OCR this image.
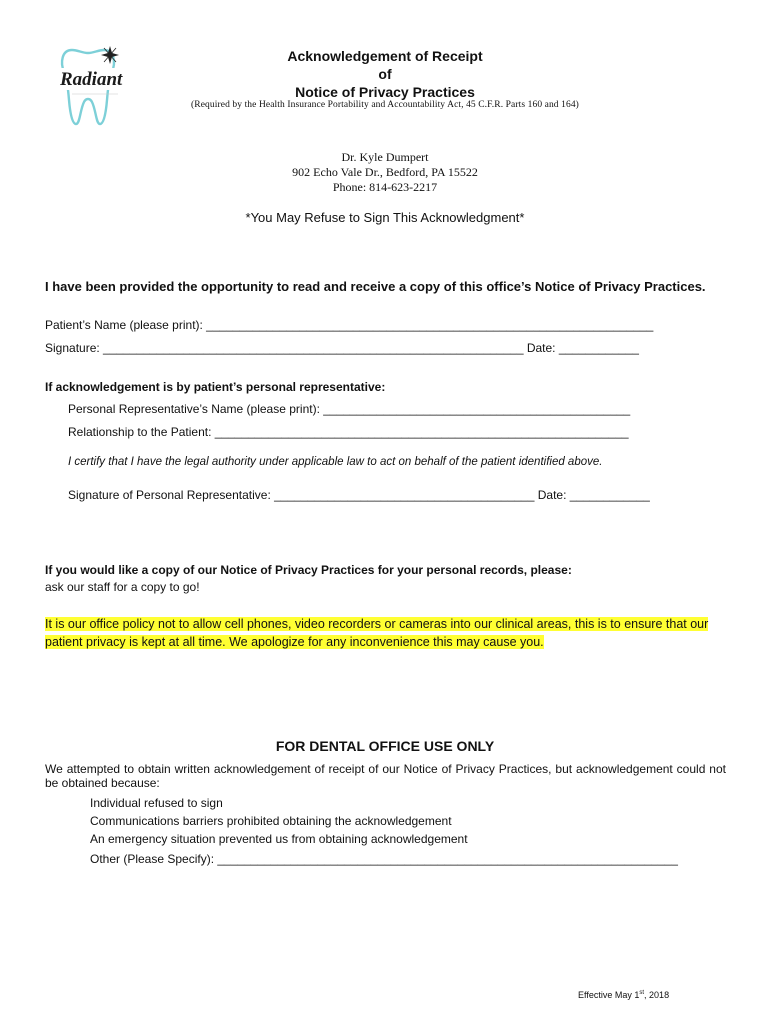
Radiant
Acknowledgement of Receipt
of
Notice of Privacy Practices
(Required by the Health Insurance Portability and Accountability Act, 45 C.F.R. Parts 160 and 164)
Dr. Kyle Dumpert
902 Echo Vale Dr., Bedford, PA 15522
Phone: 814-623-2217
*You May Refuse to Sign This Acknowledgment*
I have been provided the opportunity to read and receive a copy of this office’s Notice of Privacy Practices.
Patient’s Name (please print): ___________________________________________________________________
Signature: _______________________________________________________________ Date: ____________
If acknowledgement is by patient’s personal representative:
Personal Representative’s Name (please print): ______________________________________________
Relationship to the Patient: ______________________________________________________________
I certify that I have the legal authority under applicable law to act on behalf of the patient identified above.
Signature of Personal Representative: _______________________________________ Date: ____________
If you would like a copy of our Notice of Privacy Practices for your personal records, please:
ask our staff for a copy to go!
It is our office policy not to allow cell phones, video recorders or cameras into our clinical areas, this is to ensure that our
patient privacy is kept at all time. We apologize for any inconvenience this may cause you.
FOR DENTAL OFFICE USE ONLY
We attempted to obtain written acknowledgement of receipt of our Notice of Privacy Practices, but acknowledgement could not be obtained because:
Individual refused to sign
Communications barriers prohibited obtaining the acknowledgement
An emergency situation prevented us from obtaining acknowledgement
Other (Please Specify): _____________________________________________________________________
Effective May 1st, 2018
